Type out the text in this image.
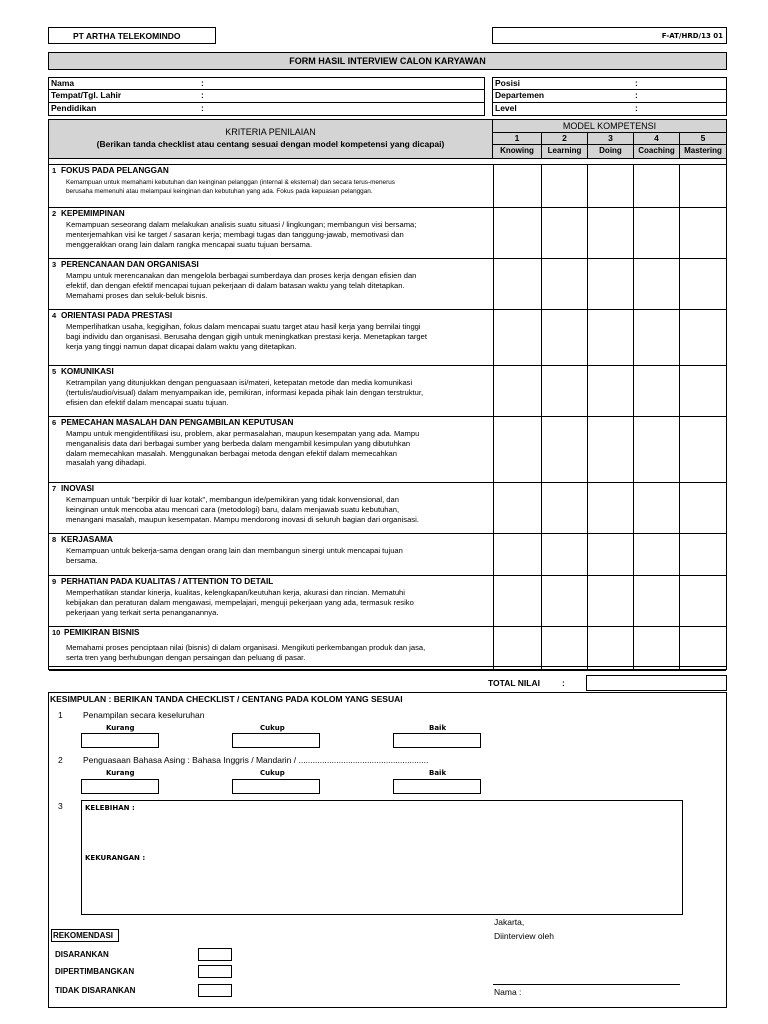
PT ARTHA TELEKOMINDO	F-AT/HRD/13 01
FORM HASIL INTERVIEW CALON KARYAWAN
Nama	:
Tempat/Tgl. Lahir	:
Pendidikan	:
Posisi	:
Departemen	:
Level	:
KRITERIA PENILAIAN
(Berikan tanda checklist atau centang sesuai dengan model kompetensi yang dicapai)
MODEL KOMPETENSI
1
Knowing
2
Learning
3
Doing
4
Coaching
5
Mastering
1 FOKUS PADA PELANGGAN
Kemampuan untuk memahami kebutuhan dan keinginan pelanggan (internal & eksternal) dan secara terus-menerus
berusaha memenuhi atau melampaui keinginan dan kebutuhan yang ada. Fokus pada kepuasan pelanggan.
2 KEPEMIMPINAN
Kemampuan seseorang dalam melakukan analisis suatu situasi / lingkungan; membangun visi bersama;
menterjemahkan visi ke target / sasaran kerja; membagi tugas dan tanggung-jawab, memotivasi dan
menggerakkan orang lain dalam rangka mencapai suatu tujuan bersama.
3 PERENCANAAN DAN ORGANISASI
Mampu untuk merencanakan dan mengelola berbagai sumberdaya dan proses kerja dengan efisien dan
efektif, dan dengan efektif mencapai tujuan pekerjaan di dalam batasan waktu yang telah ditetapkan.
Memahami proses dan seluk-beluk bisnis.
4 ORIENTASI PADA PRESTASI
Memperlihatkan usaha, kegigihan, fokus dalam mencapai suatu target atau hasil kerja yang bernilai tinggi
bagi individu dan organisasi. Berusaha dengan gigih untuk meningkatkan prestasi kerja. Menetapkan target
kerja yang tinggi namun dapat dicapai dalam waktu yang ditetapkan.
5 KOMUNIKASI
Ketrampilan yang ditunjukkan dengan penguasaan isi/materi, ketepatan metode dan media komunikasi
(tertulis/audio/visual) dalam menyampaikan ide, pemikiran, informasi kepada pihak lain dengan terstruktur,
efisien dan efektif dalam mencapai suatu tujuan.
6 PEMECAHAN MASALAH DAN PENGAMBILAN KEPUTUSAN
Mampu untuk mengidentifikasi isu, problem, akar permasalahan, maupun kesempatan yang ada. Mampu
menganalisis data dari berbagai sumber yang berbeda dalam mengambil kesimpulan yang dibutuhkan
dalam memecahkan masalah. Menggunakan berbagai metoda dengan efektif dalam memecahkan
masalah yang dihadapi.
7 INOVASI
Kemampuan untuk "berpikir di luar kotak", membangun ide/pemikiran yang tidak konvensional, dan
keinginan untuk mencoba atau mencari cara (metodologi) baru, dalam menjawab suatu kebutuhan,
menangani masalah, maupun kesempatan. Mampu mendorong inovasi di seluruh bagian dari organisasi.
8 KERJASAMA
Kemampuan untuk bekerja-sama dengan orang lain dan membangun sinergi untuk mencapai tujuan
bersama.
9 PERHATIAN PADA KUALITAS / ATTENTION TO DETAIL
Memperhatikan standar kinerja, kualitas, kelengkapan/keutuhan kerja, akurasi dan rincian. Mematuhi
kebijakan dan peraturan dalam mengawasi, mempelajari, menguji pekerjaan yang ada, termasuk resiko
pekerjaan yang terkait serta penanganannya.
10 PEMIKIRAN BISNIS
Memahami proses penciptaan nilai (bisnis) di dalam organisasi. Mengikuti perkembangan produk dan jasa,
serta tren yang berhubungan dengan persaingan dan peluang di pasar.
TOTAL NILAI	:
KESIMPULAN : BERIKAN TANDA CHECKLIST / CENTANG PADA KOLOM YANG SESUAI
1 Penampilan secara keseluruhan
Kurang	Cukup	Baik
2 Penguasaan Bahasa Asing : Bahasa Inggris / Mandarin / .......................................................
Kurang	Cukup	Baik
3	KELEBIHAN :
KEKURANGAN :
REKOMENDASI
DISARANKAN
DIPERTIMBANGKAN
TIDAK DISARANKAN
Jakarta,
Diinterview oleh
Nama :
